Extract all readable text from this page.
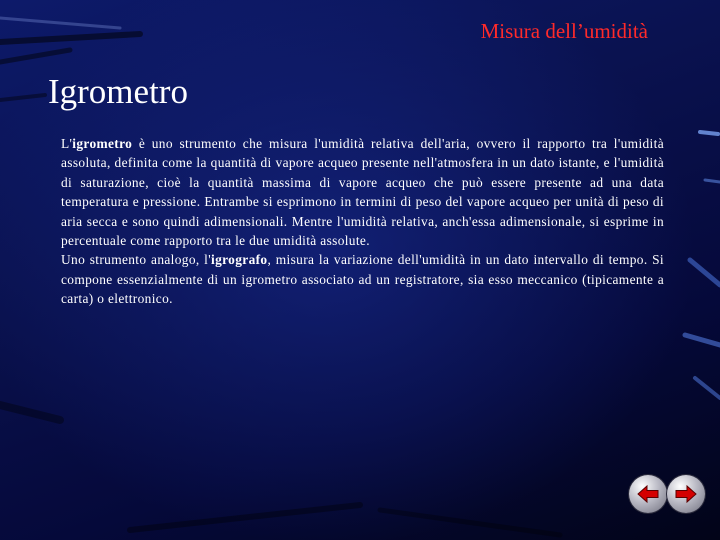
Misura dell’umidità
Igrometro

L'igrometro è uno strumento che misura l'umidità relativa dell'aria, ovvero il rapporto tra l'umidità assoluta, definita come la quantità di vapore acqueo presente nell'atmosfera in un dato istante, e l'umidità di saturazione, cioè la quantità massima di vapore acqueo che può essere presente ad una data temperatura e pressione. Entrambe si esprimono in termini di peso del vapore acqueo per unità di peso di aria secca e sono quindi adimensionali. Mentre l'umidità relativa, anch'essa adimensionale, si esprime in percentuale come rapporto tra le due umidità assolute.

Uno strumento analogo, l'igrografo, misura la variazione dell'umidità in un dato intervallo di tempo. Si compone essenzialmente di un igrometro associato ad un registratore, sia esso meccanico (tipicamente a carta) o elettronico.
